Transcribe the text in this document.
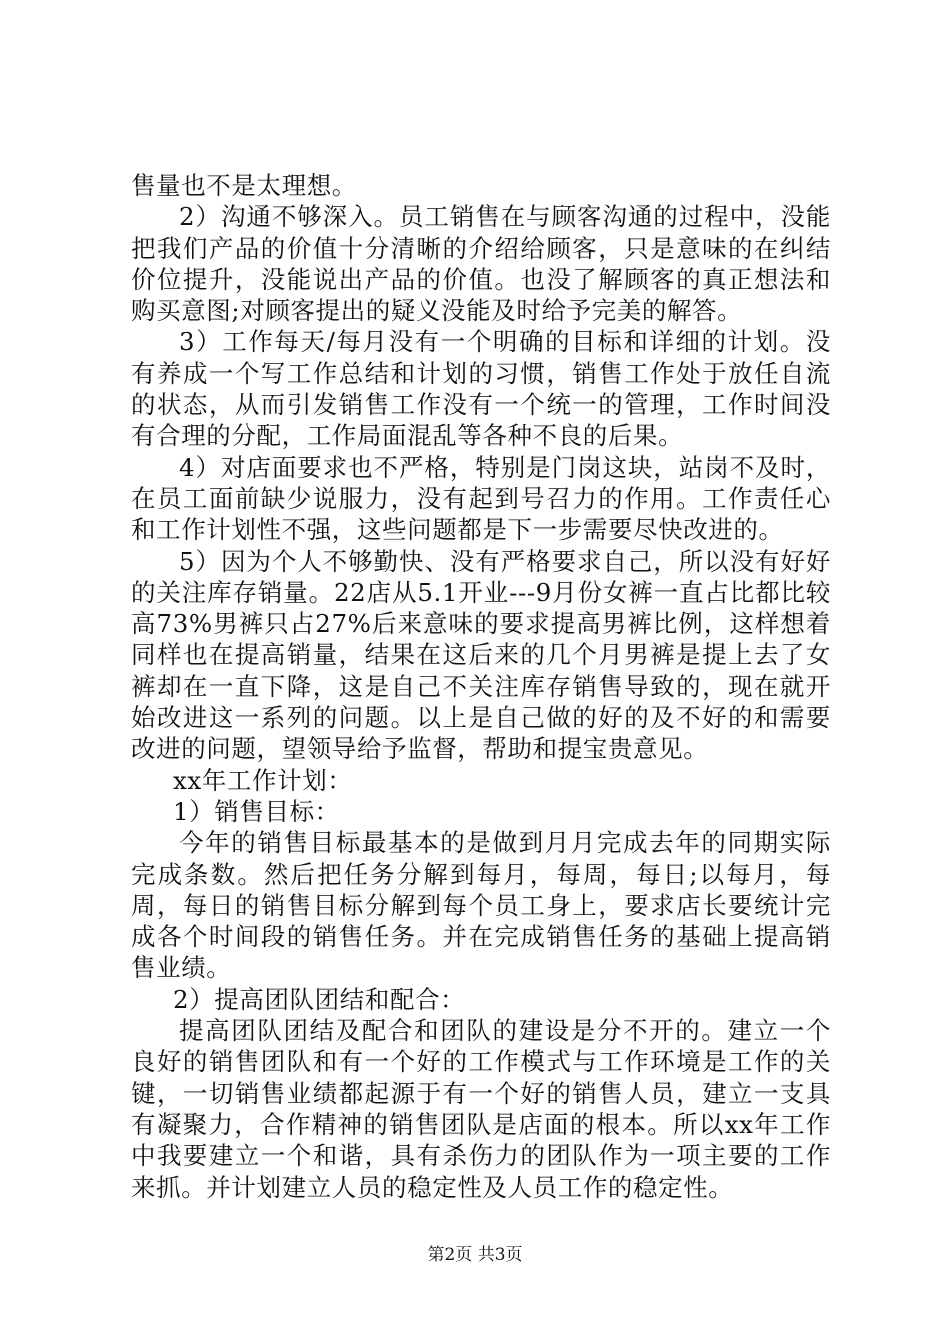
售量也不是太理想。

2）沟通不够深入。员工销售在与顾客沟通的过程中，没能把我们产品的价值十分清晰的介绍给顾客，只是意味的在纠结价位提升，没能说出产品的价值。也没了解顾客的真正想法和购买意图;对顾客提出的疑义没能及时给予完美的解答。

3）工作每天/每月没有一个明确的目标和详细的计划。没有养成一个写工作总结和计划的习惯，销售工作处于放任自流的状态，从而引发销售工作没有一个统一的管理，工作时间没有合理的分配，工作局面混乱等各种不良的后果。

4）对店面要求也不严格，特别是门岗这块，站岗不及时，在员工面前缺少说服力，没有起到号召力的作用。工作责任心和工作计划性不强，这些问题都是下一步需要尽快改进的。

5）因为个人不够勤快、没有严格要求自己，所以没有好好的关注库存销量。22店从5.1开业---9月份女裤一直占比都比较高73%男裤只占27%后来意味的要求提高男裤比例，这样想着同样也在提高销量，结果在这后来的几个月男裤是提上去了女裤却在一直下降，这是自己不关注库存销售导致的，现在就开始改进这一系列的问题。以上是自己做的好的及不好的和需要改进的问题，望领导给予监督，帮助和提宝贵意见。

xx年工作计划：

1）销售目标：

今年的销售目标最基本的是做到月月完成去年的同期实际完成条数。然后把任务分解到每月，每周，每日;以每月，每周，每日的销售目标分解到每个员工身上，要求店长要统计完成各个时间段的销售任务。并在完成销售任务的基础上提高销售业绩。

2）提高团队团结和配合：

提高团队团结及配合和团队的建设是分不开的。建立一个良好的销售团队和有一个好的工作模式与工作环境是工作的关键，一切销售业绩都起源于有一个好的销售人员，建立一支具有凝聚力，合作精神的销售团队是店面的根本。所以xx年工作中我要建立一个和谐，具有杀伤力的团队作为一项主要的工作来抓。并计划建立人员的稳定性及人员工作的稳定性。

第2页 共3页
